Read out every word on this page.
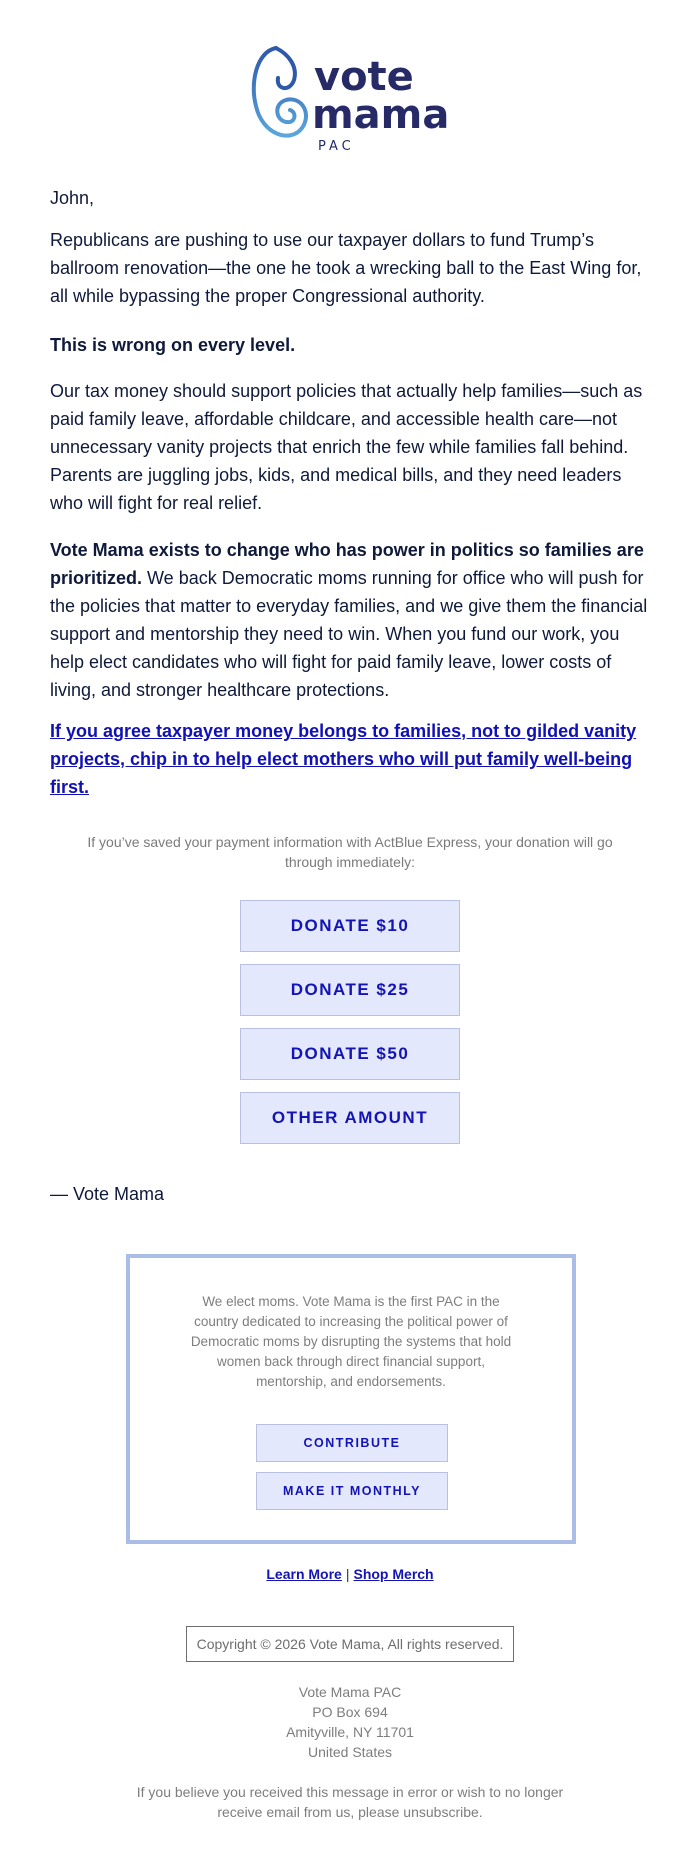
vote
mama
PAC
John,
Republicans are pushing to use our taxpayer dollars to fund Trump’s ballroom renovation—the one he took a wrecking ball to the East Wing for, all while bypassing the proper Congressional authority.
This is wrong on every level.
Our tax money should support policies that actually help families—such as paid family leave, affordable childcare, and accessible health care—not unnecessary vanity projects that enrich the few while families fall behind. Parents are juggling jobs, kids, and medical bills, and they need leaders who will fight for real relief.
Vote Mama exists to change who has power in politics so families are prioritized. We back Democratic moms running for office who will push for the policies that matter to everyday families, and we give them the financial support and mentorship they need to win. When you fund our work, you help elect candidates who will fight for paid family leave, lower costs of living, and stronger healthcare protections.
If you agree taxpayer money belongs to families, not to gilded vanity projects, chip in to help elect mothers who will put family well-being first.
If you’ve saved your payment information with ActBlue Express, your donation will go through immediately:
DONATE $10
DONATE $25
DONATE $50
OTHER AMOUNT
— Vote Mama
We elect moms. Vote Mama is the first PAC in the country dedicated to increasing the political power of Democratic moms by disrupting the systems that hold women back through direct financial support, mentorship, and endorsements.
CONTRIBUTE
MAKE IT MONTHLY
Learn More | Shop Merch
Copyright © 2026 Vote Mama, All rights reserved.
Vote Mama PAC
PO Box 694
Amityville, NY 11701
United States
If you believe you received this message in error or wish to no longer receive email from us, please unsubscribe.
